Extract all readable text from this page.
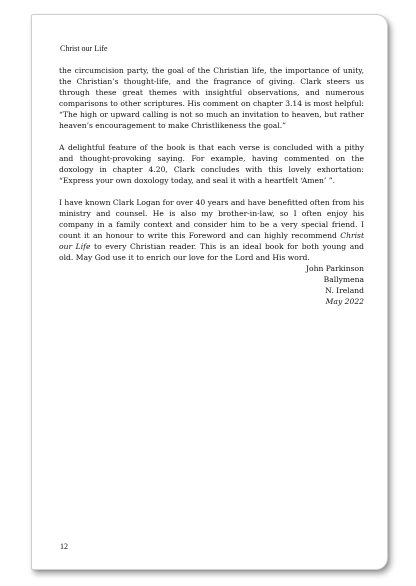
Christ our Life

the circumcision party, the goal of the Christian life, the importance of unity, the Christian’s thought-life, and the fragrance of giving. Clark steers us through these great themes with insightful observations, and numerous comparisons to other scriptures. His comment on chapter 3.14 is most helpful: “The high or upward calling is not so much an invitation to heaven, but rather heaven’s encouragement to make Christlikeness the goal.”

A delightful feature of the book is that each verse is concluded with a pithy and thought-provoking saying. For example, having commented on the doxology in chapter 4.20, Clark concludes with this lovely exhortation: “Express your own doxology today, and seal it with a heartfelt ‘Amen’ ”.

I have known Clark Logan for over 40 years and have benefitted often from his ministry and counsel. He is also my brother-in-law, so I often enjoy his company in a family context and consider him to be a very special friend. I count it an honour to write this Foreword and can highly recommend Christ our Life to every Christian reader. This is an ideal book for both young and old. May God use it to enrich our love for the Lord and His word.

John Parkinson
Ballymena
N. Ireland
May 2022
12
